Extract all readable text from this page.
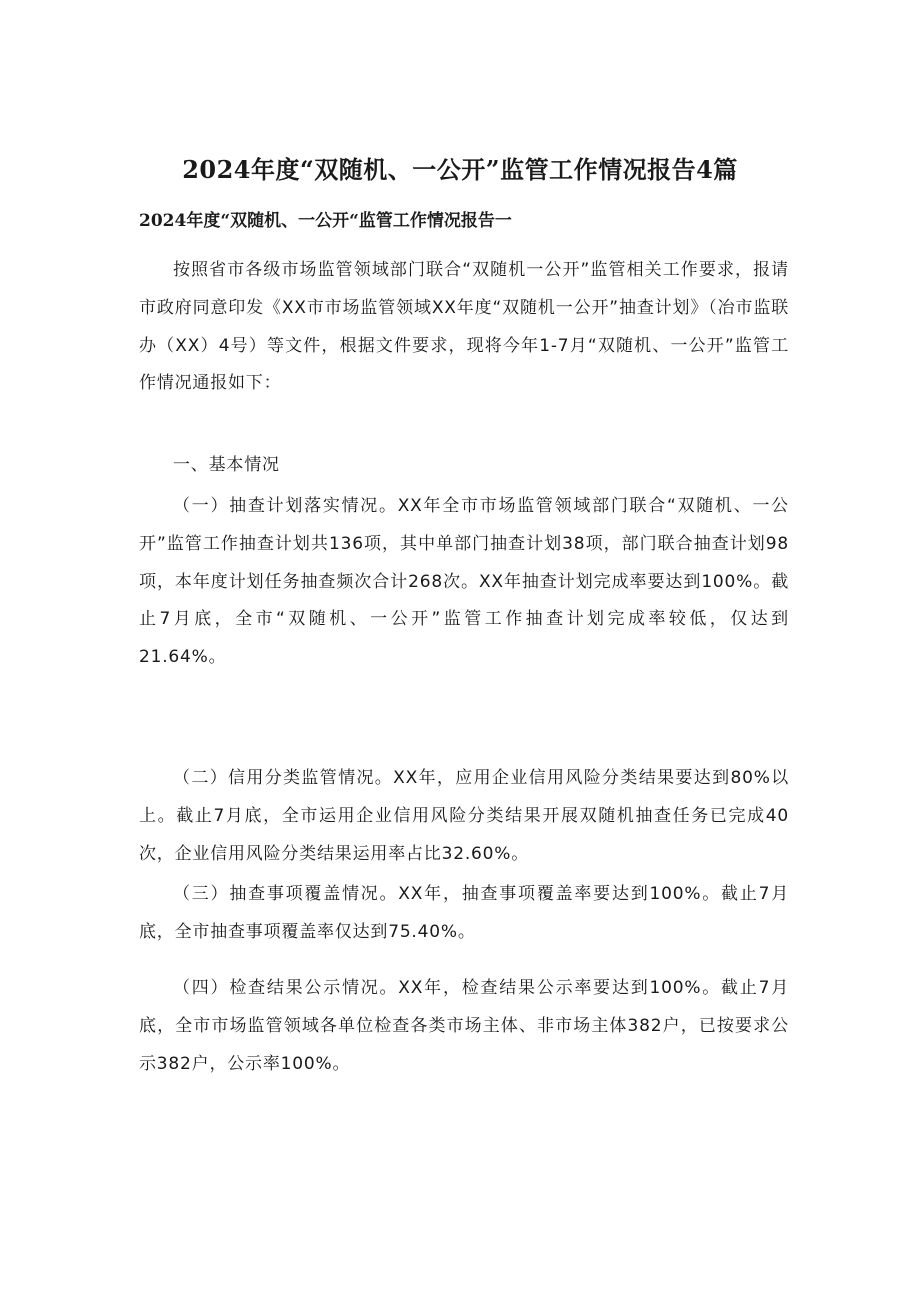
2024年度“双随机、一公开”监管工作情况报告4篇
2024年度“双随机、一公开“监管工作情况报告一

按照省市各级市场监管领域部门联合“双随机一公开”监管相关工作要求，报请市政府同意印发《XX市市场监管领域XX年度“双随机一公开”抽查计划》（冶市监联办（XX）4号）等文件，根据文件要求，现将今年1-7月“双随机、一公开”监管工作情况通报如下：

一、基本情况

（一）抽查计划落实情况。XX年全市市场监管领域部门联合“双随机、一公开”监管工作抽查计划共136项，其中单部门抽查计划38项，部门联合抽查计划98项，本年度计划任务抽查频次合计268次。XX年抽查计划完成率要达到100%。截止7月底，全市“双随机、一公开”监管工作抽查计划完成率较低，仅达到21.64%。

（二）信用分类监管情况。XX年，应用企业信用风险分类结果要达到80%以上。截止7月底，全市运用企业信用风险分类结果开展双随机抽查任务已完成40次，企业信用风险分类结果运用率占比32.60%。

（三）抽查事项覆盖情况。XX年，抽查事项覆盖率要达到100%。截止7月底，全市抽查事项覆盖率仅达到75.40%。

（四）检查结果公示情况。XX年，检查结果公示率要达到100%。截止7月底，全市市场监管领域各单位检查各类市场主体、非市场主体382户，已按要求公示382户，公示率100%。
